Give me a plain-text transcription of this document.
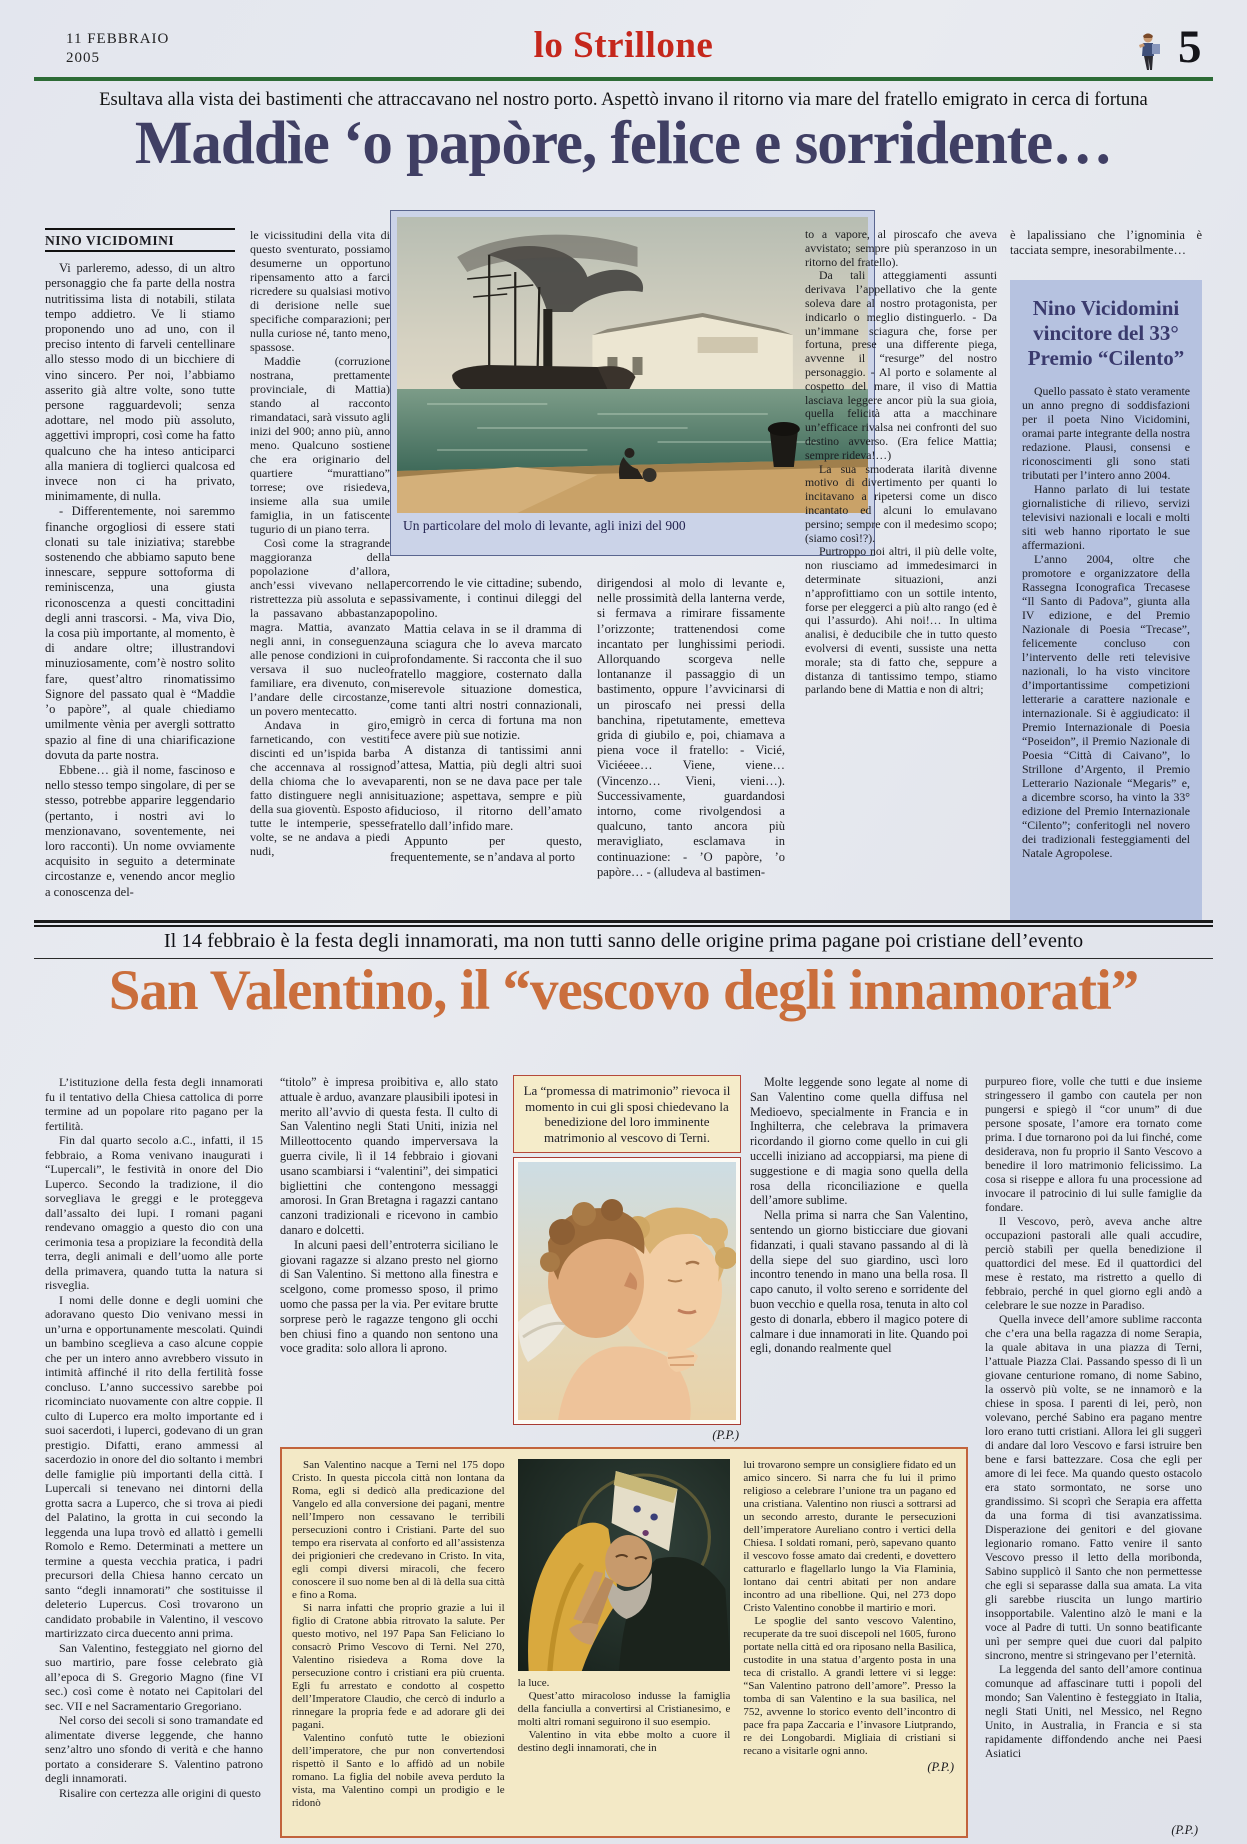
11 FEBBRAIO
2005	lo Strillone	5
Esultava alla vista dei bastimenti che attraccavano nel nostro porto. Aspettò invano il ritorno via mare del fratello emigrato in cerca di fortuna
Maddìe ‘o papòre, felice e sorridente…
NINO VICIDOMINI

Vi parleremo, adesso, di un altro personaggio che fa parte della nostra nutritissima lista di notabili, stilata tempo addietro. Ve li stiamo proponendo uno ad uno, con il preciso intento di farveli centellinare allo stesso modo di un bicchiere di vino sincero. Per noi, l’abbiamo asserito già altre volte, sono tutte persone ragguardevoli; senza adottare, nel modo più assoluto, aggettivi impropri, così come ha fatto qualcuno che ha inteso anticiparci alla maniera di toglierci qualcosa ed invece non ci ha privato, minimamente, di nulla.

- Differentemente, noi saremmo finanche orgogliosi di essere stati clonati su tale iniziativa; starebbe sostenendo che abbiamo saputo bene innescare, seppure sottoforma di reminiscenza, una giusta riconoscenza a questi concittadini degli anni trascorsi. - Ma, viva Dio, la cosa più importante, al momento, è di andare oltre; illustrandovi minuziosamente, com’è nostro solito fare, quest’altro rinomatissimo Signore del passato qual è “Maddìe ’o papòre”, al quale chiediamo umilmente vènia per avergli sottratto spazio al fine di una chiarificazione dovuta da parte nostra.

Ebbene… già il nome, fascinoso e nello stesso tempo singolare, di per se stesso, potrebbe apparire leggendario (pertanto, i nostri avi lo menzionavano, soventemente, nei loro racconti). Un nome ovviamente acquisito in seguito a determinate circostanze e, venendo ancor meglio a conoscenza del-

le vicissitudini della vita di questo sventurato, possiamo desumerne un opportuno ripensamento atto a farci ricredere su qualsiasi motivo di derisione nelle sue specifiche comparazioni; per nulla curiose né, tanto meno, spassose.

Maddìe (corruzione nostrana, prettamente provinciale, di Mattia) stando al racconto rimandataci, sarà vissuto agli inizi del 900; anno più, anno meno. Qualcuno sostiene che era originario del quartiere “murattiano” torrese; ove risiedeva, insieme alla sua umile famiglia, in un fatiscente tugurio di un piano terra.

Così come la stragrande maggioranza della popolazione d’allora, anch’essi vivevano nella ristrettezza più assoluta e se la passavano abbastanza magra. Mattia, avanzato negli anni, in conseguenza alle penose condizioni in cui versava il suo nucleo familiare, era divenuto, con l’andare delle circostanze, un povero mentecatto.

Andava in giro, farneticando, con vestiti discinti ed un’ispida barba che accennava al rossigno della chioma che lo aveva fatto distinguere negli anni della sua gioventù. Esposto a tutte le intemperie, spesse volte, se ne andava a piedi nudi,

Un particolare del molo di levante, agli inizi del 900

percorrendo le vie cittadine; subendo, passivamente, i continui dileggi del popolino.

Mattia celava in se il dramma di una sciagura che lo aveva marcato profondamente. Si racconta che il suo fratello maggiore, costernato dalla miserevole situazione domestica, come tanti altri nostri connazionali, emigrò in cerca di fortuna ma non fece avere più sue notizie.

A distanza di tantissimi anni d’attesa, Mattia, più degli altri suoi parenti, non se ne dava pace per tale situazione; aspettava, sempre e più fiducioso, il ritorno dell’amato fratello dall’infido mare.

Appunto per questo, frequentemente, se n’andava al porto

dirigendosi al molo di levante e, nelle prossimità della lanterna verde, si fermava a rimirare fissamente l’orizzonte; trattenendosi come incantato per lunghissimi periodi. Allorquando scorgeva nelle lontananze il passaggio di un bastimento, oppure l’avvicinarsi di un piroscafo nei pressi della banchina, ripetutamente, emetteva grida di giubilo e, poi, chiamava a piena voce il fratello: - Vicié, Viciéeee… Viene, viene… (Vincenzo… Vieni, vieni…). Successivamente, guardandosi intorno, come rivolgendosi a qualcuno, tanto ancora più meravigliato, esclamava in continuazione: - ’O papòre, ’o papòre… - (alludeva al bastimen-

to a vapore, al piroscafo che aveva avvistato; sempre più speranzoso in un ritorno del fratello).

Da tali atteggiamenti assunti derivava l’appellativo che la gente soleva dare al nostro protagonista, per indicarlo o meglio distinguerlo. - Da un’immane sciagura che, forse per fortuna, prese una differente piega, avvenne il “resurge” del nostro personaggio. - Al porto e solamente al cospetto del mare, il viso di Mattia lasciava leggere ancor più la sua gioia, quella felicità atta a macchinare un’efficace rivalsa nei confronti del suo destino avverso. (Era felice Mattia; sempre rideva!…)

La sua smoderata ilarità divenne motivo di divertimento per quanti lo incitavano a ripetersi come un disco incantato ed alcuni lo emulavano persino; sempre con il medesimo scopo; (siamo così!?).

Purtroppo noi altri, il più delle volte, non riusciamo ad immedesimarci in determinate situazioni, anzi n’approfittiamo con un sottile intento, forse per eleggerci a più alto rango (ed è qui l’assurdo). Ahi noi!… In ultima analisi, è deducibile che in tutto questo evolversi di eventi, sussiste una netta morale; sta di fatto che, seppure a distanza di tantissimo tempo, stiamo parlando bene di Mattia e non di altri;

è lapalissiano che l’ignominia è tacciata sempre, inesorabilmente…

Nino Vicidomini vincitore del 33° Premio “Cilento”

Quello passato è stato veramente un anno pregno di soddisfazioni per il poeta Nino Vicidomini, oramai parte integrante della nostra redazione. Plausi, consensi e riconoscimenti gli sono stati tributati per l’intero anno 2004.

Hanno parlato di lui testate giornalistiche di rilievo, servizi televisivi nazionali e locali e molti siti web hanno riportato le sue affermazioni.

L’anno 2004, oltre che promotore e organizzatore della Rassegna Iconografica Trecasese “Il Santo di Padova”, giunta alla IV edizione, e del Premio Nazionale di Poesia “Trecase”, felicemente concluso con l’intervento delle reti televisive nazionali, lo ha visto vincitore d’importantissime competizioni letterarie a carattere nazionale e internazionale. Si è aggiudicato: il Premio Internazionale di Poesia “Poseidon”, il Premio Nazionale di Poesia “Città di Caivano”, lo Strillone d’Argento, il Premio Letterario Nazionale “Megaris” e, a dicembre scorso, ha vinto la 33° edizione del Premio Internazionale “Cilento”; conferitogli nel novero dei tradizionali festeggiamenti del Natale Agropolese.

Il 14 febbraio è la festa degli innamorati, ma non tutti sanno delle origine prima pagane poi cristiane dell’evento
San Valentino, il “vescovo degli innamorati”

L’istituzione della festa degli innamorati fu il tentativo della Chiesa cattolica di porre termine ad un popolare rito pagano per la fertilità.

Fin dal quarto secolo a.C., infatti, il 15 febbraio, a Roma venivano inaugurati i “Lupercali”, le festività in onore del Dio Luperco. Secondo la tradizione, il dio sorvegliava le greggi e le proteggeva dall’assalto dei lupi. I romani pagani rendevano omaggio a questo dio con una cerimonia tesa a propiziare la fecondità della terra, degli animali e dell’uomo alle porte della primavera, quando tutta la natura si risveglia.

I nomi delle donne e degli uomini che adoravano questo Dio venivano messi in un’urna e opportunamente mescolati. Quindi un bambino sceglieva a caso alcune coppie che per un intero anno avrebbero vissuto in intimità affinché il rito della fertilità fosse concluso. L’anno successivo sarebbe poi ricominciato nuovamente con altre coppie. Il culto di Luperco era molto importante ed i suoi sacerdoti, i luperci, godevano di un gran prestigio. Difatti, erano ammessi al sacerdozio in onore del dio soltanto i membri delle famiglie più importanti della città. I Lupercali si tenevano nei dintorni della grotta sacra a Luperco, che si trova ai piedi del Palatino, la grotta in cui secondo la leggenda una lupa trovò ed allattò i gemelli Romolo e Remo. Determinati a mettere un termine a questa vecchia pratica, i padri precursori della Chiesa hanno cercato un santo “degli innamorati” che sostituisse il deleterio Lupercus. Così trovarono un candidato probabile in Valentino, il vescovo martirizzato circa duecento anni prima.

San Valentino, festeggiato nel giorno del suo martirio, pare fosse celebrato già all’epoca di S. Gregorio Magno (fine VI sec.) così come è notato nei Capitolari del sec. VII e nel Sacramentario Gregoriano.

Nel corso dei secoli si sono tramandate ed alimentate diverse leggende, che hanno senz’altro uno sfondo di verità e che hanno portato a considerare S. Valentino patrono degli innamorati.

Risalire con certezza alle origini di questo

“titolo” è impresa proibitiva e, allo stato attuale è arduo, avanzare plausibili ipotesi in merito all’avvio di questa festa. Il culto di San Valentino negli Stati Uniti, inizia nel Milleottocento quando imperversava la guerra civile, lì il 14 febbraio i giovani usano scambiarsi i “valentini”, dei simpatici bigliettini che contengono messaggi amorosi. In Gran Bretagna i ragazzi cantano canzoni tradizionali e ricevono in cambio danaro e dolcetti.

In alcuni paesi dell’entroterra siciliano le giovani ragazze si alzano presto nel giorno di San Valentino. Si mettono alla finestra e scelgono, come promesso sposo, il primo uomo che passa per la via. Per evitare brutte sorprese però le ragazze tengono gli occhi ben chiusi fino a quando non sentono una voce gradita: solo allora li aprono.

La “promessa di matrimonio” rievoca il momento in cui gli sposi chiedevano la benedizione del loro imminente matrimonio al vescovo di Terni.
(P.P.)

Molte leggende sono legate al nome di San Valentino come quella diffusa nel Medioevo, specialmente in Francia e in Inghilterra, che celebrava la primavera ricordando il giorno come quello in cui gli uccelli iniziano ad accoppiarsi, ma piene di suggestione e di magia sono quella della rosa della riconciliazione e quella dell’amore sublime.

Nella prima si narra che San Valentino, sentendo un giorno bisticciare due giovani fidanzati, i quali stavano passando al di là della siepe del suo giardino, uscì loro incontro tenendo in mano una bella rosa. Il capo canuto, il volto sereno e sorridente del buon vecchio e quella rosa, tenuta in alto col gesto di donarla, ebbero il magico potere di calmare i due innamorati in lite. Quando poi egli, donando realmente quel

purpureo fiore, volle che tutti e due insieme stringessero il gambo con cautela per non pungersi e spiegò il “cor unum” di due persone sposate, l’amore era tornato come prima. I due tornarono poi da lui finché, come desiderava, non fu proprio il Santo Vescovo a benedire il loro matrimonio felicissimo. La cosa si riseppe e allora fu una processione ad invocare il patrocinio di lui sulle famiglie da fondare.

Il Vescovo, però, aveva anche altre occupazioni pastorali alle quali accudire, perciò stabilì per quella benedizione il quattordici del mese. Ed il quattordici del mese è restato, ma ristretto a quello di febbraio, perché in quel giorno egli andò a celebrare le sue nozze in Paradiso.

Quella invece dell’amore sublime racconta che c’era una bella ragazza di nome Serapia, la quale abitava in una piazza di Terni, l’attuale Piazza Clai. Passando spesso di lì un giovane centurione romano, di nome Sabino, la osservò più volte, se ne innamorò e la chiese in sposa. I parenti di lei, però, non volevano, perché Sabino era pagano mentre loro erano tutti cristiani. Allora lei gli suggerì di andare dal loro Vescovo e farsi istruire ben bene e farsi battezzare. Cosa che egli per amore di lei fece. Ma quando questo ostacolo era stato sormontato, ne sorse uno grandissimo. Si scoprì che Serapia era affetta da una forma di tisi avanzatissima. Disperazione dei genitori e del giovane legionario romano. Fatto venire il santo Vescovo presso il letto della moribonda, Sabino supplicò il Santo che non permettesse che egli si separasse dalla sua amata. La vita gli sarebbe riuscita un lungo martirio insopportabile. Valentino alzò le mani e la voce al Padre di tutti. Un sonno beatificante unì per sempre quei due cuori dal palpito sincrono, mentre si stringevano per l’eternità.

La leggenda del santo dell’amore continua comunque ad affascinare tutti i popoli del mondo; San Valentino è festeggiato in Italia, negli Stati Uniti, nel Messico, nel Regno Unito, in Australia, in Francia e si sta rapidamente diffondendo anche nei Paesi Asiatici

(P.P.)

San Valentino nacque a Terni nel 175 dopo Cristo. In questa piccola città non lontana da Roma, egli si dedicò alla predicazione del Vangelo ed alla conversione dei pagani, mentre nell’Impero non cessavano le terribili persecuzioni contro i Cristiani. Parte del suo tempo era riservata al conforto ed all’assistenza dei prigionieri che credevano in Cristo. In vita, egli compì diversi miracoli, che fecero conoscere il suo nome ben al di là della sua città e fino a Roma.

Si narra infatti che proprio grazie a lui il figlio di Cratone abbia ritrovato la salute. Per questo motivo, nel 197 Papa San Feliciano lo consacrò Primo Vescovo di Terni. Nel 270, Valentino risiedeva a Roma dove la persecuzione contro i cristiani era più cruenta. Egli fu arrestato e condotto al cospetto dell’Imperatore Claudio, che cercò di indurlo a rinnegare la propria fede e ad adorare gli dei pagani.

Valentino confutò tutte le obiezioni dell’imperatore, che pur non convertendosi rispettò il Santo e lo affidò ad un nobile romano. La figlia del nobile aveva perduto la vista, ma Valentino compì un prodigio e le ridonò

la luce.

Quest’atto miracoloso indusse la famiglia della fanciulla a convertirsi al Cristianesimo, e molti altri romani seguirono il suo esempio.

Valentino in vita ebbe molto a cuore il destino degli innamorati, che in

lui trovarono sempre un consigliere fidato ed un amico sincero. Si narra che fu lui il primo religioso a celebrare l’unione tra un pagano ed una cristiana. Valentino non riuscì a sottrarsi ad un secondo arresto, durante le persecuzioni dell’imperatore Aureliano contro i vertici della Chiesa. I soldati romani, però, sapevano quanto il vescovo fosse amato dai credenti, e dovettero catturarlo e flagellarlo lungo la Via Flaminia, lontano dai centri abitati per non andare incontro ad una ribellione. Qui, nel 273 dopo Cristo Valentino conobbe il martirio e morì.

Le spoglie del santo vescovo Valentino, recuperate da tre suoi discepoli nel 1605, furono portate nella città ed ora riposano nella Basilica, custodite in una statua d’argento posta in una teca di cristallo. A grandi lettere vi si legge: “San Valentino patrono dell’amore”. Presso la tomba di san Valentino e la sua basilica, nel 752, avvenne lo storico evento dell’incontro di pace fra papa Zaccaria e l’invasore Liutprando, re dei Longobardi. Migliaia di cristiani si recano a visitarle ogni anno.

(P.P.)
